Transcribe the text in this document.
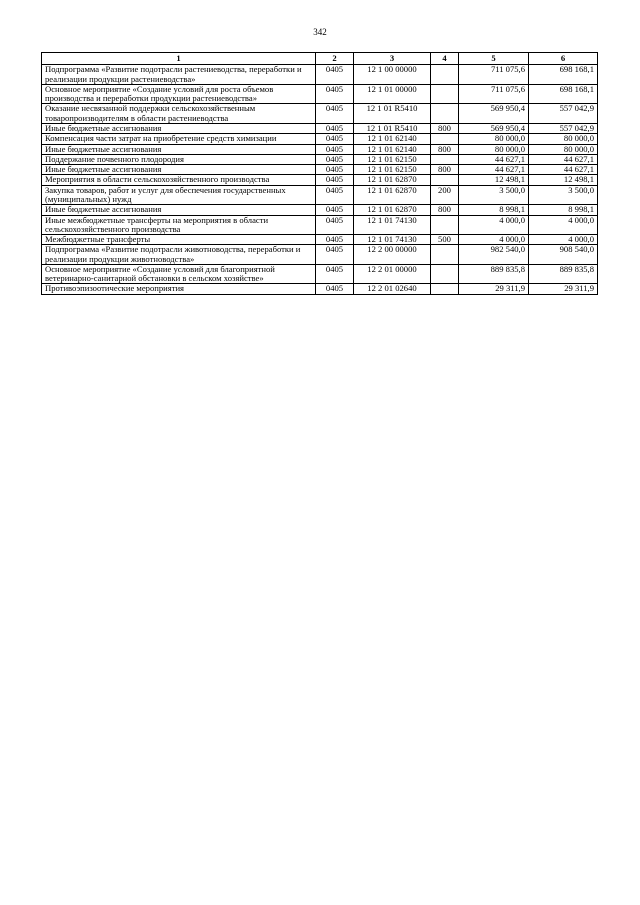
342
1	2	3	4	5	6
Подпрограмма «Развитие подотрасли растениеводства, переработки и реализации продукции растениеводства»	0405	12 1 00 00000		711 075,6	698 168,1
Основное мероприятие «Создание условий для роста объемов производства и переработки продукции растениеводства»	0405	12 1 01 00000		711 075,6	698 168,1
Оказание несвязанной поддержки сельскохозяйственным товаропроизводителям в области растениеводства	0405	12 1 01 R5410		569 950,4	557 042,9
Иные бюджетные ассигнования	0405	12 1 01 R5410	800	569 950,4	557 042,9
Компенсация части затрат на приобретение средств химизации	0405	12 1 01 62140		80 000,0	80 000,0
Иные бюджетные ассигнования	0405	12 1 01 62140	800	80 000,0	80 000,0
Поддержание почвенного плодородия	0405	12 1 01 62150		44 627,1	44 627,1
Иные бюджетные ассигнования	0405	12 1 01 62150	800	44 627,1	44 627,1
Мероприятия в области сельскохозяйственного производства	0405	12 1 01 62870		12 498,1	12 498,1
Закупка товаров, работ и услуг для обеспечения государственных (муниципальных) нужд	0405	12 1 01 62870	200	3 500,0	3 500,0
Иные бюджетные ассигнования	0405	12 1 01 62870	800	8 998,1	8 998,1
Иные межбюджетные трансферты на мероприятия в области сельскохозяйственного производства	0405	12 1 01 74130		4 000,0	4 000,0
Межбюджетные трансферты	0405	12 1 01 74130	500	4 000,0	4 000,0
Подпрограмма «Развитие подотрасли животноводства, переработки и реализации продукции животноводства»	0405	12 2 00 00000		982 540,0	908 540,0
Основное мероприятие «Создание условий для благоприятной ветеринарно-санитарной обстановки в сельском хозяйстве»	0405	12 2 01 00000		889 835,8	889 835,8
Противоэпизоотические мероприятия	0405	12 2 01 02640		29 311,9	29 311,9
